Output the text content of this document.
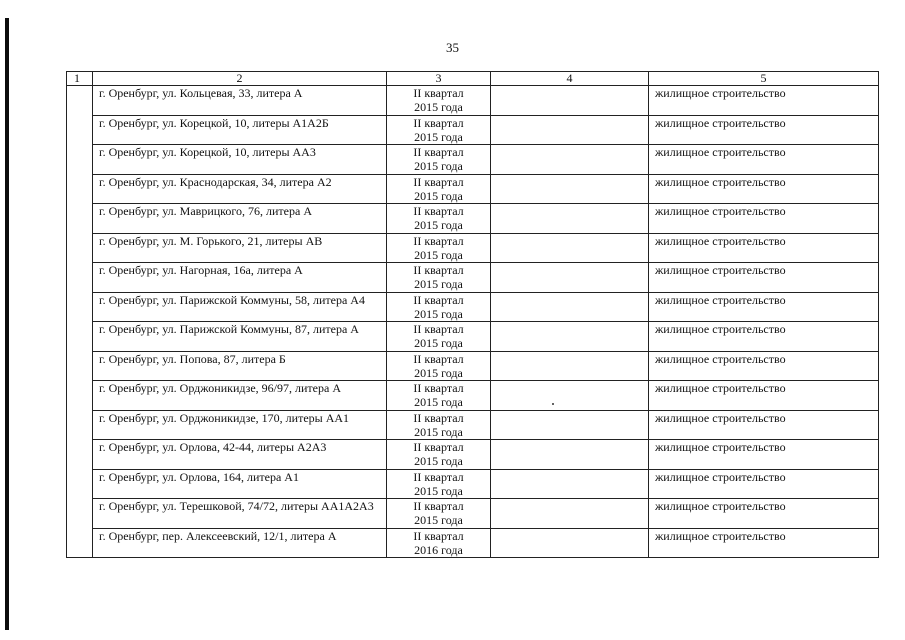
35
1	2	3	4	5
	г. Оренбург, ул. Кольцевая, 33, литера А	II квартал
2015 года		жилищное строительство
	г. Оренбург, ул. Корецкой, 10, литеры А1А2Б	II квартал
2015 года		жилищное строительство
	г. Оренбург, ул. Корецкой, 10, литеры АА3	II квартал
2015 года		жилищное строительство
	г. Оренбург, ул. Краснодарская, 34, литера А2	II квартал
2015 года		жилищное строительство
	г. Оренбург, ул. Маврицкого, 76, литера А	II квартал
2015 года		жилищное строительство
	г. Оренбург, ул. М. Горького, 21, литеры АВ	II квартал
2015 года		жилищное строительство
	г. Оренбург, ул. Нагорная, 16а, литера А	II квартал
2015 года		жилищное строительство
	г. Оренбург, ул. Парижской Коммуны, 58, литера А4	II квартал
2015 года		жилищное строительство
	г. Оренбург, ул. Парижской Коммуны, 87, литера А	II квартал
2015 года		жилищное строительство
	г. Оренбург, ул. Попова, 87, литера Б	II квартал
2015 года		жилищное строительство
	г. Оренбург, ул. Орджоникидзе, 96/97, литера А	II квартал
2015 года		жилищное строительство
	г. Оренбург, ул. Орджоникидзе, 170, литеры АА1	II квартал
2015 года		жилищное строительство
	г. Оренбург, ул. Орлова, 42-44, литеры А2А3	II квартал
2015 года		жилищное строительство
	г. Оренбург, ул. Орлова, 164, литера А1	II квартал
2015 года		жилищное строительство
	г. Оренбург, ул. Терешковой, 74/72, литеры АА1А2А3	II квартал
2015 года		жилищное строительство
	г. Оренбург, пер. Алексеевский, 12/1, литера А	II квартал
2016 года		жилищное строительство
